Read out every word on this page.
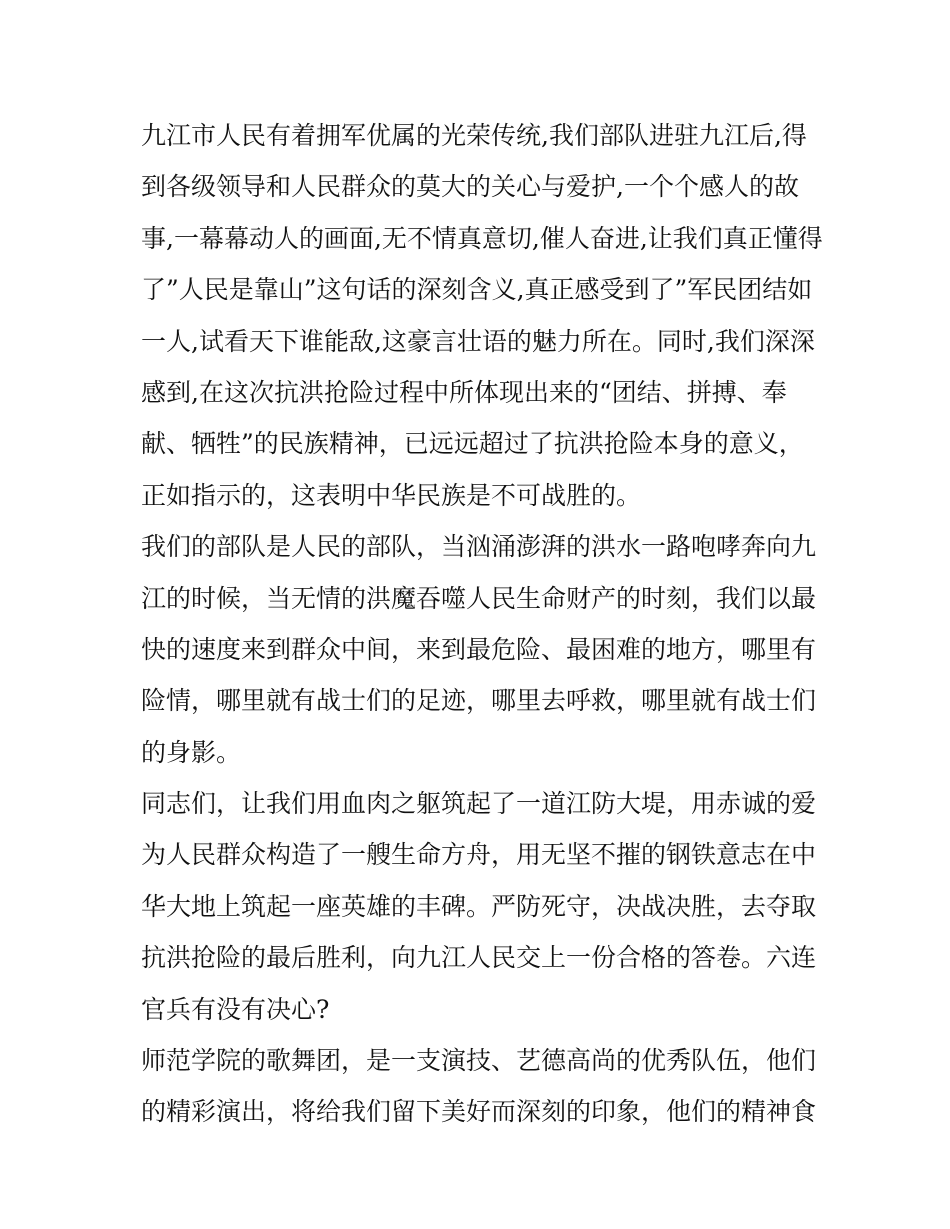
九江市人民有着拥军优属的光荣传统,我们部队进驻九江后,得
到各级领导和人民群众的莫大的关心与爱护,一个个感人的故
事,一幕幕动人的画面,无不情真意切,催人奋进,让我们真正懂得
了”人民是靠山”这句话的深刻含义,真正感受到了”军民团结如
一人,试看天下谁能敌,这豪言壮语的魅力所在。同时,我们深深
感到,在这次抗洪抢险过程中所体现出来的“团结、拼搏、奉
献、牺牲”的民族精神，已远远超过了抗洪抢险本身的意义，
正如指示的，这表明中华民族是不可战胜的。
我们的部队是人民的部队，当汹涌澎湃的洪水一路咆哮奔向九
江的时候，当无情的洪魔吞噬人民生命财产的时刻，我们以最
快的速度来到群众中间，来到最危险、最困难的地方，哪里有
险情，哪里就有战士们的足迹，哪里去呼救，哪里就有战士们
的身影。
同志们，让我们用血肉之躯筑起了一道江防大堤，用赤诚的爱
为人民群众构造了一艘生命方舟，用无坚不摧的钢铁意志在中
华大地上筑起一座英雄的丰碑。严防死守，决战决胜，去夺取
抗洪抢险的最后胜利，向九江人民交上一份合格的答卷。六连
官兵有没有决心?
师范学院的歌舞团，是一支演技、艺德高尚的优秀队伍，他们
的精彩演出，将给我们留下美好而深刻的印象，他们的精神食
